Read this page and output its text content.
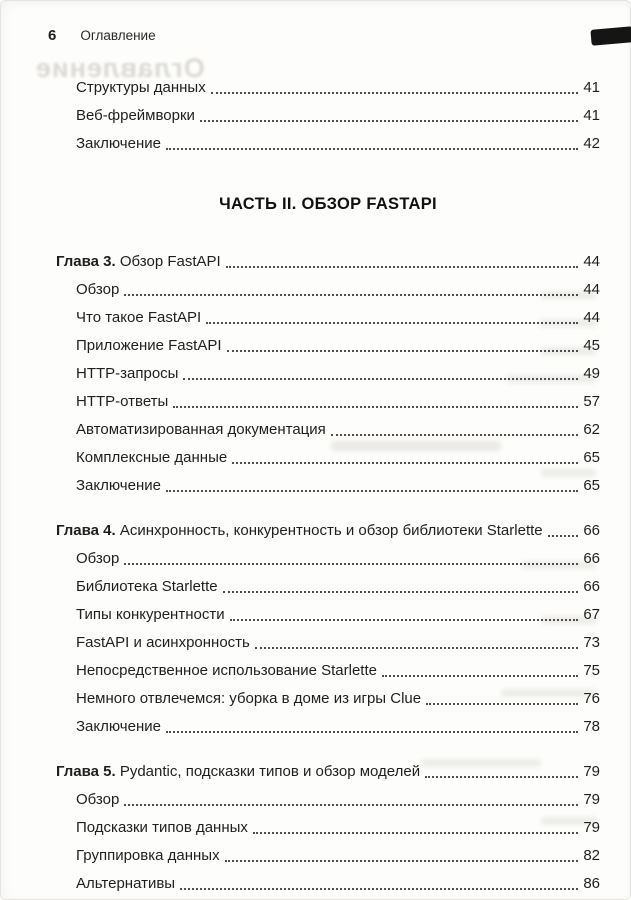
Оглавление
6 Оглавление
Структуры данных	41
Веб-фреймворки	41
Заключение	42
ЧАСТЬ II. ОБЗОР FASTAPI
Глава 3. Обзор FastAPI	44
Обзор	44
Что такое FastAPI	44
Приложение FastAPI	45
HTTP-запросы	49
HTTP-ответы	57
Автоматизированная документация	62
Комплексные данные	65
Заключение	65
Глава 4. Асинхронность, конкурентность и обзор библиотеки Starlette	66
Обзор	66
Библиотека Starlette	66
Типы конкурентности	67
FastAPI и асинхронность	73
Непосредственное использование Starlette	75
Немного отвлечемся: уборка в доме из игры Clue	76
Заключение	78
Глава 5. Pydantic, подсказки типов и обзор моделей	79
Обзор	79
Подсказки типов данных	79
Группировка данных	82
Альтернативы	86
